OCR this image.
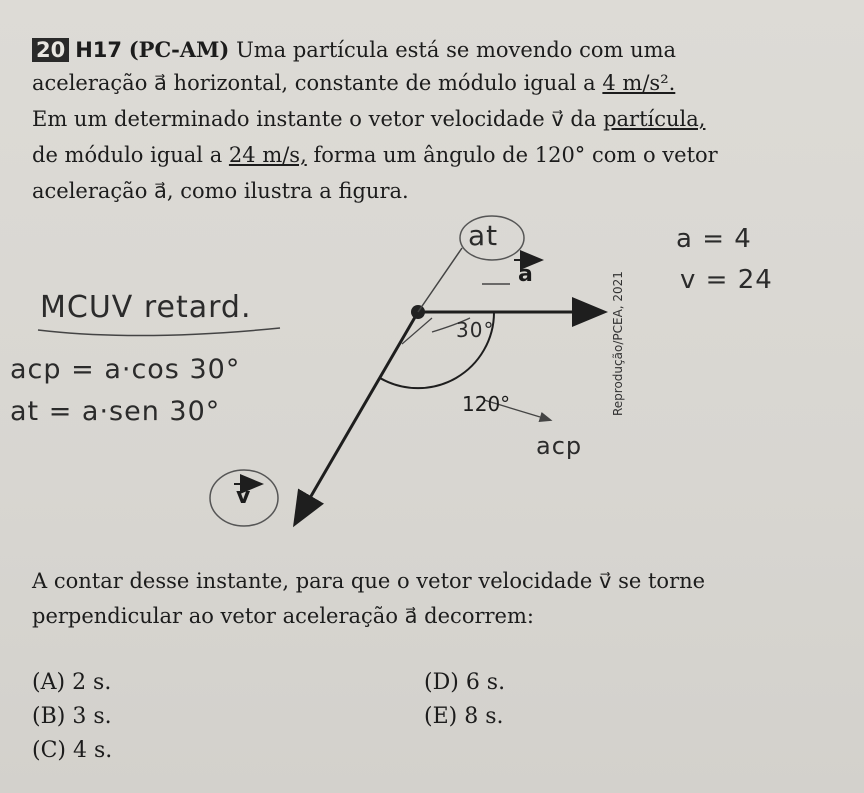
20 H17 (PC-AM) Uma partícula está se movendo com uma
aceleração a⃗ horizontal, constante de módulo igual a 4 m/s².
Em um determinado instante o vetor velocidade v⃗ da partícula,
de módulo igual a 24 m/s, forma um ângulo de 120° com o vetor
aceleração a⃗, como ilustra a figura.
a
v
120°	Reprodução/PCEA, 2021
at	a = 4
v = 24
MCUV retard.
acp = a·cos 30°
at = a·sen 30°
30°
acp
A contar desse instante, para que o vetor velocidade v⃗ se torne
perpendicular ao vetor aceleração a⃗ decorrem:
(A) 2 s.
(B) 3 s.
(C) 4 s.
(D) 6 s.
(E) 8 s.
